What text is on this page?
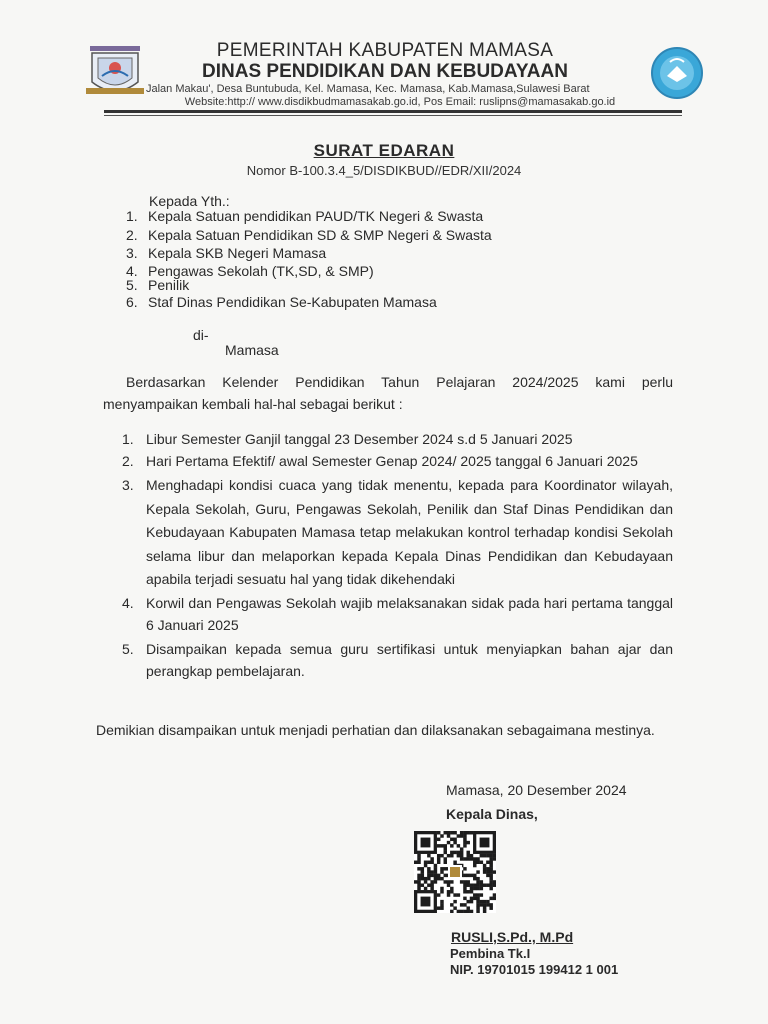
PEMERINTAH KABUPATEN MAMASA
DINAS PENDIDIKAN DAN KEBUDAYAAN
Jalan Makau', Desa Buntubuda, Kel. Mamasa, Kec. Mamasa, Kab.Mamasa,Sulawesi Barat
Website:http:// www.disdikbudmamasakab.go.id, Pos Email: ruslipns@mamasakab.go.id
SURAT EDARAN
Nomor B-100.3.4_5/DISDIKBUD//EDR/XII/2024
Kepada Yth.:
1. Kepala Satuan pendidikan PAUD/TK Negeri & Swasta
2. Kepala Satuan Pendidikan SD & SMP Negeri & Swasta
3. Kepala SKB Negeri Mamasa
4. Pengawas Sekolah (TK,SD, & SMP)
5. Penilik
6. Staf Dinas Pendidikan Se-Kabupaten Mamasa
di-
Mamasa
Berdasarkan Kelender Pendidikan Tahun Pelajaran 2024/2025 kami perlu menyampaikan kembali hal-hal sebagai berikut :
1. Libur Semester Ganjil tanggal 23 Desember 2024 s.d 5 Januari 2025
2. Hari Pertama Efektif/ awal Semester Genap 2024/ 2025 tanggal 6 Januari 2025
3. Menghadapi kondisi cuaca yang tidak menentu, kepada para Koordinator wilayah, Kepala Sekolah, Guru, Pengawas Sekolah, Penilik dan Staf Dinas Pendidikan dan Kebudayaan Kabupaten Mamasa tetap melakukan kontrol terhadap kondisi Sekolah selama libur dan melaporkan kepada Kepala Dinas Pendidikan dan Kebudayaan apabila terjadi sesuatu hal yang tidak dikehendaki
4. Korwil dan Pengawas Sekolah wajib melaksanakan sidak pada hari pertama tanggal 6 Januari 2025
5. Disampaikan kepada semua guru sertifikasi untuk menyiapkan bahan ajar dan perangkap pembelajaran.
Demikian disampaikan untuk menjadi perhatian dan dilaksanakan sebagaimana mestinya.
Mamasa, 20 Desember 2024
Kepala Dinas,
RUSLI,S.Pd., M.Pd
Pembina Tk.I
NIP. 19701015 199412 1 001
